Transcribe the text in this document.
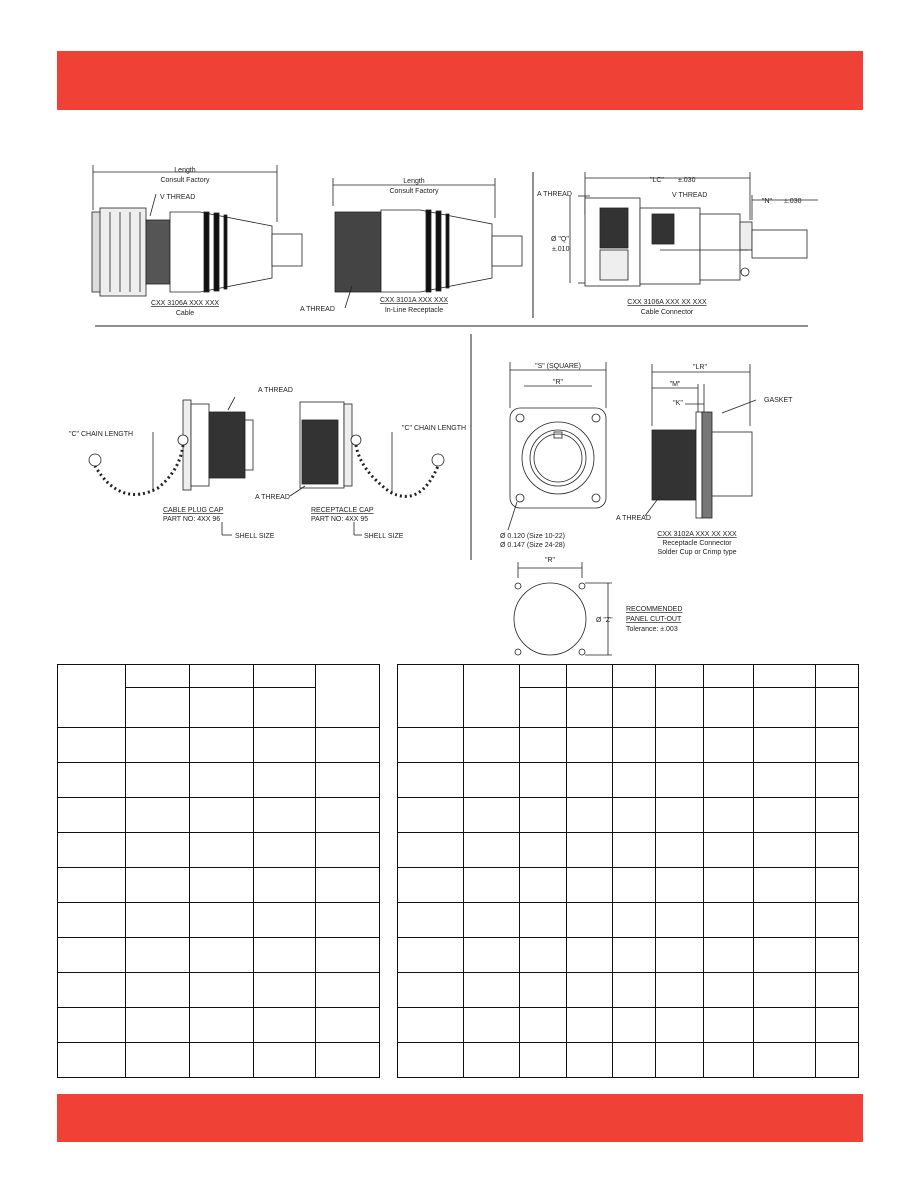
Length
Consult Factory
V THREAD
CXX 3106A XXX XXX
Cable
Length
Consult Factory
A THREAD
CXX 3101A XXX XXX
In-Line Receptacle
"LC" ±.030
"N" ±.030
A THREAD	V THREAD
Ø "Q"
±.010
CXX 3106A XXX XX XXX
Cable Connector
"C" CHAIN LENGTH
A THREAD
CABLE PLUG CAP
PART NO: 4XX 96
SHELL SIZE
"C" CHAIN LENGTH
A THREAD
RECEPTACLE CAP
PART NO: 4XX 95
SHELL SIZE
"S" (SQUARE)
"R"
Ø 0.120 (Size 10-22)
Ø 0.147 (Size 24-28)
"LR"
"M"
"K"	GASKET
A THREAD
CXX 3102A XXX XX XXX
Receptacle Connector
Solder Cup or Crimp type
"R"
Ø "Z"
RECOMMENDED
PANEL CUT-OUT
Tolerance: ±.003
